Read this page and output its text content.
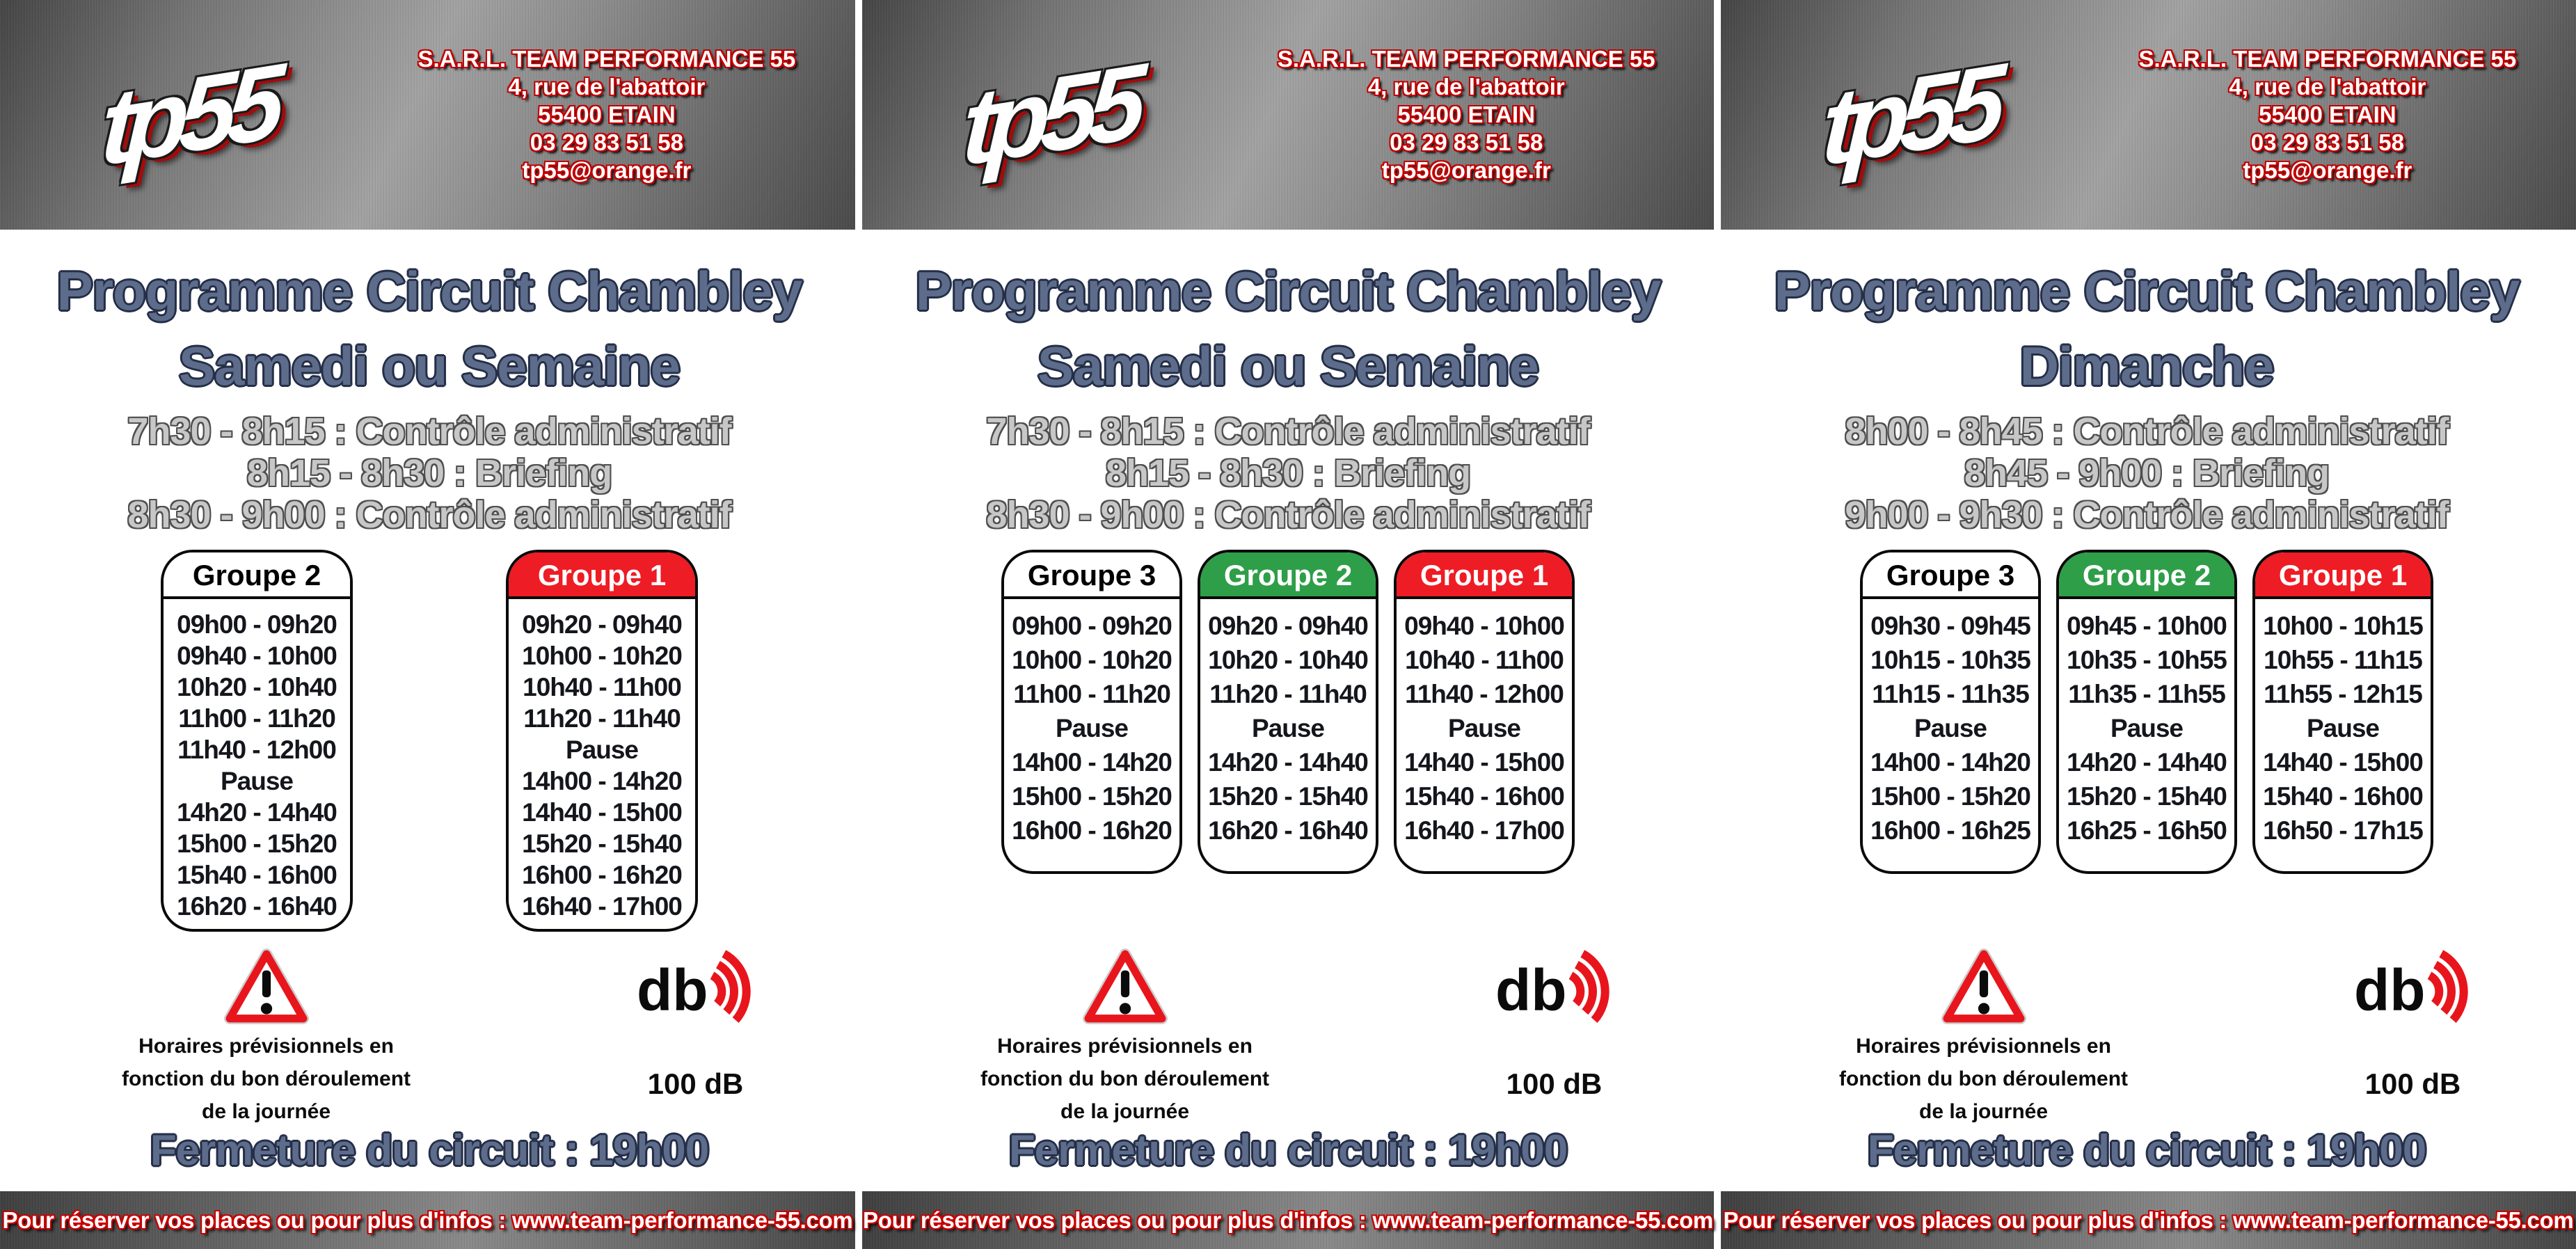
tp55	S.A.R.L. TEAM PERFORMANCE 55
4, rue de l'abattoir
55400 ETAIN
03 29 83 51 58
tp55@orange.fr
Programme Circuit Chambley
Samedi ou Semaine
7h30 - 8h15 : Contrôle administratif
8h15 - 8h30 : Briefing
8h30 - 9h00 : Contrôle administratif
Groupe 2
09h00 - 09h20
09h40 - 10h00
10h20 - 10h40
11h00 - 11h20
11h40 - 12h00
Pause
14h20 - 14h40
15h00 - 15h20
15h40 - 16h00
16h20 - 16h40
Groupe 1
09h20 - 09h40
10h00 - 10h20
10h40 - 11h00
11h20 - 11h40
Pause
14h00 - 14h20
14h40 - 15h00
15h20 - 15h40
16h00 - 16h20
16h40 - 17h00
Horaires prévisionnels en
fonction du bon déroulement
de la journée
db
100 dB
Fermeture du circuit : 19h00
Pour réserver vos places ou pour plus d'infos : www.team-performance-55.com
tp55	S.A.R.L. TEAM PERFORMANCE 55
4, rue de l'abattoir
55400 ETAIN
03 29 83 51 58
tp55@orange.fr
Programme Circuit Chambley
Samedi ou Semaine
7h30 - 8h15 : Contrôle administratif
8h15 - 8h30 : Briefing
8h30 - 9h00 : Contrôle administratif
Groupe 3
09h00 - 09h20
10h00 - 10h20
11h00 - 11h20
Pause
14h00 - 14h20
15h00 - 15h20
16h00 - 16h20
Groupe 2
09h20 - 09h40
10h20 - 10h40
11h20 - 11h40
Pause
14h20 - 14h40
15h20 - 15h40
16h20 - 16h40
Groupe 1
09h40 - 10h00
10h40 - 11h00
11h40 - 12h00
Pause
14h40 - 15h00
15h40 - 16h00
16h40 - 17h00
Horaires prévisionnels en
fonction du bon déroulement
de la journée
db
100 dB
Fermeture du circuit : 19h00
Pour réserver vos places ou pour plus d'infos : www.team-performance-55.com
tp55	S.A.R.L. TEAM PERFORMANCE 55
4, rue de l'abattoir
55400 ETAIN
03 29 83 51 58
tp55@orange.fr
Programme Circuit Chambley
Dimanche
8h00 - 8h45 : Contrôle administratif
8h45 - 9h00 : Briefing
9h00 - 9h30 : Contrôle administratif
Groupe 3
09h30 - 09h45
10h15 - 10h35
11h15 - 11h35
Pause
14h00 - 14h20
15h00 - 15h20
16h00 - 16h25
Groupe 2
09h45 - 10h00
10h35 - 10h55
11h35 - 11h55
Pause
14h20 - 14h40
15h20 - 15h40
16h25 - 16h50
Groupe 1
10h00 - 10h15
10h55 - 11h15
11h55 - 12h15
Pause
14h40 - 15h00
15h40 - 16h00
16h50 - 17h15
Horaires prévisionnels en
fonction du bon déroulement
de la journée
db
100 dB
Fermeture du circuit : 19h00
Pour réserver vos places ou pour plus d'infos : www.team-performance-55.com
